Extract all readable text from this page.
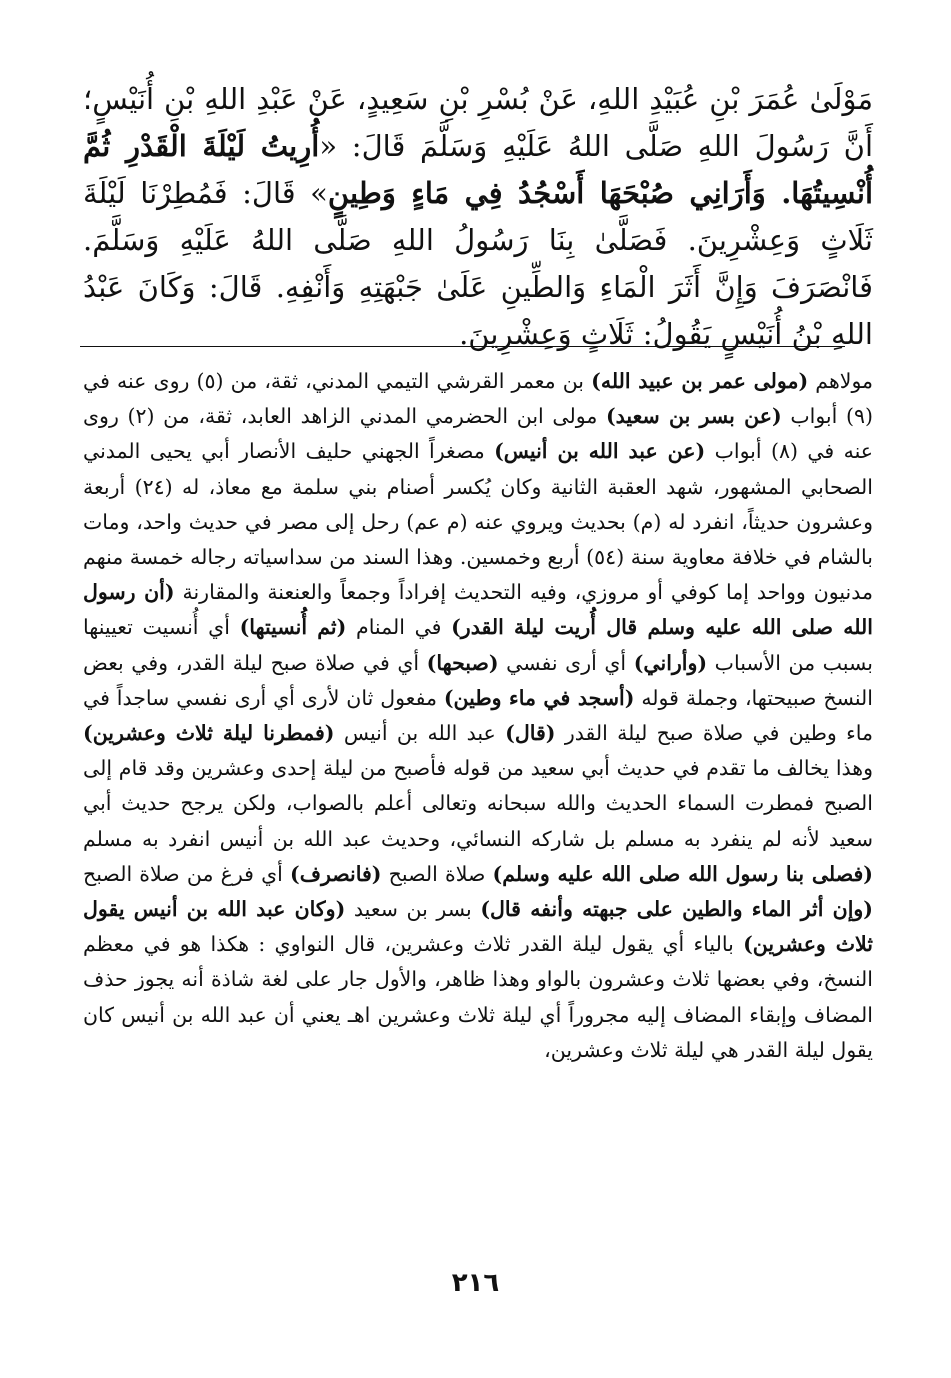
مَوْلَىٰ عُمَرَ بْنِ عُبَيْدِ اللهِ، عَنْ بُسْرِ بْنِ سَعِيدٍ، عَنْ عَبْدِ اللهِ بْنِ أُنَيْسٍ؛ أَنَّ رَسُولَ اللهِ صَلَّى اللهُ عَلَيْهِ وَسَلَّمَ قَالَ: «أُرِيتُ لَيْلَةَ الْقَدْرِ ثُمَّ أُنْسِيتُهَا. وَأَرَانِي صُبْحَهَا أَسْجُدُ فِي مَاءٍ وَطِينٍ» قَالَ: فَمُطِرْنَا لَيْلَةَ ثَلَاثٍ وَعِشْرِينَ. فَصَلَّىٰ بِنَا رَسُولُ اللهِ صَلَّى اللهُ عَلَيْهِ وَسَلَّمَ. فَانْصَرَفَ وَإِنَّ أَثَرَ الْمَاءِ وَالطِّينِ عَلَىٰ جَبْهَتِهِ وَأَنْفِهِ. قَالَ: وَكَانَ عَبْدُ اللهِ بْنُ أُنَيْسٍ يَقُولُ: ثَلَاثٍ وَعِشْرِينَ.

مولاهم (مولى عمر بن عبيد الله) بن معمر القرشي التيمي المدني، ثقة، من (٥) روى عنه في (٩) أبواب (عن بسر بن سعيد) مولى ابن الحضرمي المدني الزاهد العابد، ثقة، من (٢) روى عنه في (٨) أبواب (عن عبد الله بن أنيس) مصغراً الجهني حليف الأنصار أبي يحيى المدني الصحابي المشهور، شهد العقبة الثانية وكان يُكسر أصنام بني سلمة مع معاذ، له (٢٤) أربعة وعشرون حديثاً، انفرد له (م) بحديث ويروي عنه (م عم) رحل إلى مصر في حديث واحد، ومات بالشام في خلافة معاوية سنة (٥٤) أربع وخمسين. وهذا السند من سداسياته رجاله خمسة منهم مدنيون وواحد إما كوفي أو مروزي، وفيه التحديث إفراداً وجمعاً والعنعنة والمقارنة (أن رسول الله صلى الله عليه وسلم قال أُريت ليلة القدر) في المنام (ثم أُنسيتها) أي أُنسيت تعيينها بسبب من الأسباب (وأراني) أي أرى نفسي (صبحها) أي في صلاة صبح ليلة القدر، وفي بعض النسخ صبيحتها، وجملة قوله (أسجد في ماء وطين) مفعول ثان لأرى أي أرى نفسي ساجداً في ماء وطين في صلاة صبح ليلة القدر (قال) عبد الله بن أنيس (فمطرنا ليلة ثلاث وعشرين) وهذا يخالف ما تقدم في حديث أبي سعيد من قوله فأصبح من ليلة إحدى وعشرين وقد قام إلى الصبح فمطرت السماء الحديث والله سبحانه وتعالى أعلم بالصواب، ولكن يرجح حديث أبي سعيد لأنه لم ينفرد به مسلم بل شاركه النسائي، وحديث عبد الله بن أنيس انفرد به مسلم (فصلى بنا رسول الله صلى الله عليه وسلم) صلاة الصبح (فانصرف) أي فرغ من صلاة الصبح (وإن أثر الماء والطين على جبهته وأنفه قال) بسر بن سعيد (وكان عبد الله بن أنيس يقول ثلاث وعشرين) بالياء أي يقول ليلة القدر ثلاث وعشرين، قال النواوي : هكذا هو في معظم النسخ، وفي بعضها ثلاث وعشرون بالواو وهذا ظاهر، والأول جار على لغة شاذة أنه يجوز حذف المضاف وإبقاء المضاف إليه مجروراً أي ليلة ثلاث وعشرين اهـ يعني أن عبد الله بن أنيس كان يقول ليلة القدر هي ليلة ثلاث وعشرين،

٢١٦
